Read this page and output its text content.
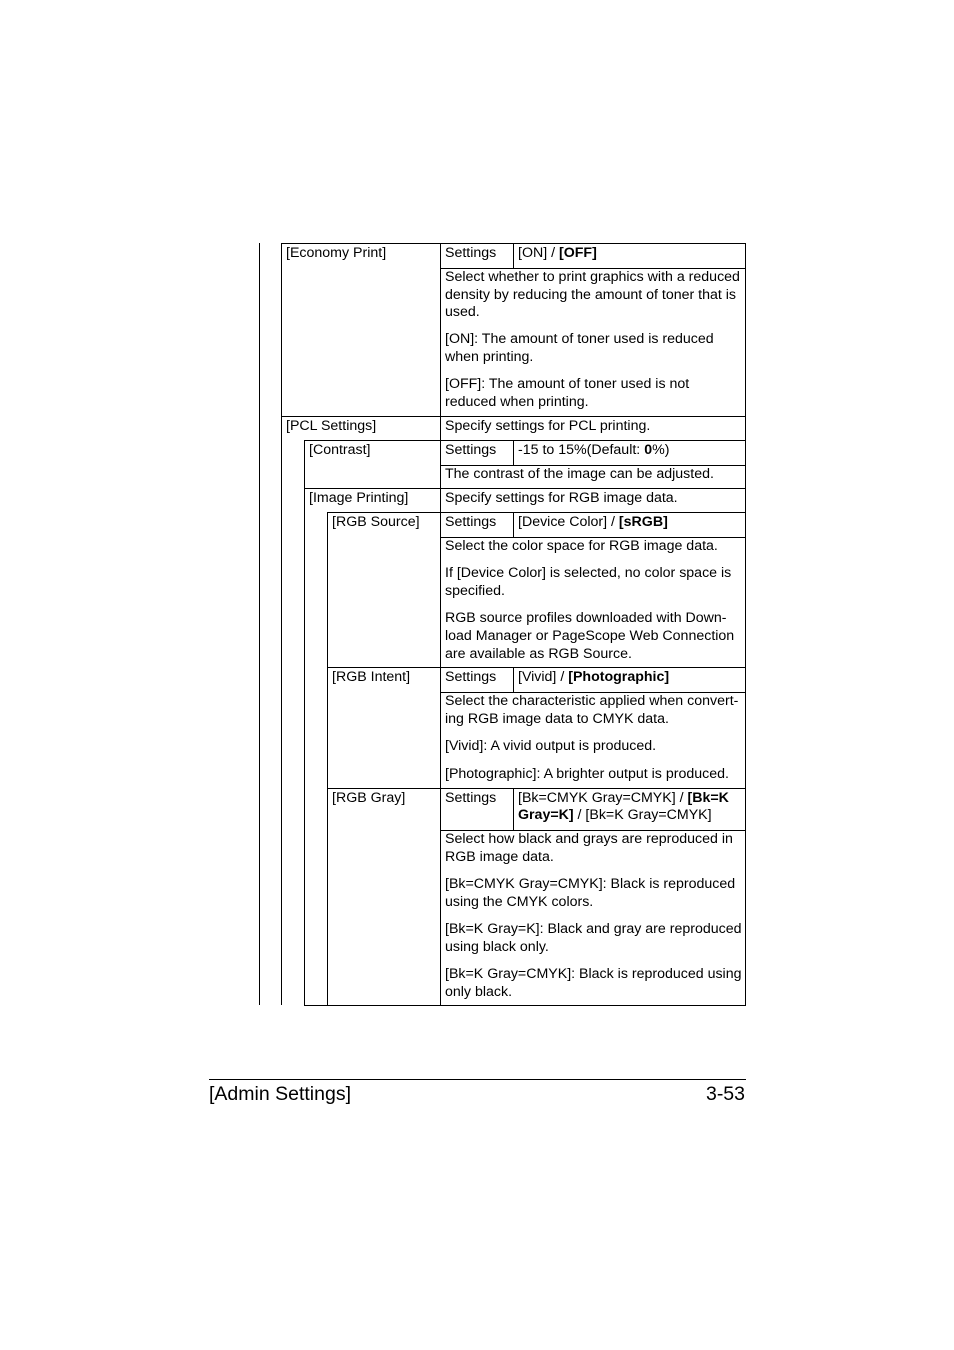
[Economy Print]	Settings [ON] / [OFF]
Select whether to print graphics with a reduced
density by reducing the amount of toner that is
used.
[ON]: The amount of toner used is reduced
when printing.
[OFF]: The amount of toner used is not
reduced when printing.
[PCL Settings]	Specify settings for PCL printing.
[Contrast]	Settings -15 to 15%(Default: 0%)
The contrast of the image can be adjusted.
[Image Printing]	Specify settings for RGB image data.
[RGB Source] Settings [Device Color] / [sRGB]
Select the color space for RGB image data.
If [Device Color] is selected, no color space is
specified.
RGB source profiles downloaded with Down-
load Manager or PageScope Web Connection
are available as RGB Source.
[RGB Intent] Settings [Vivid] / [Photographic]
Select the characteristic applied when convert-
ing RGB image data to CMYK data.
[Vivid]: A vivid output is produced.
[Photographic]: A brighter output is produced.
[RGB Gray]	Settings [Bk=CMYK Gray=CMYK] / [Bk=K
Gray=K] / [Bk=K Gray=CMYK]
Select how black and grays are reproduced in
RGB image data.
[Bk=CMYK Gray=CMYK]: Black is reproduced
using the CMYK colors.
[Bk=K Gray=K]: Black and gray are reproduced
using black only.
[Bk=K Gray=CMYK]: Black is reproduced using
only black.
[Admin Settings]	3-53
